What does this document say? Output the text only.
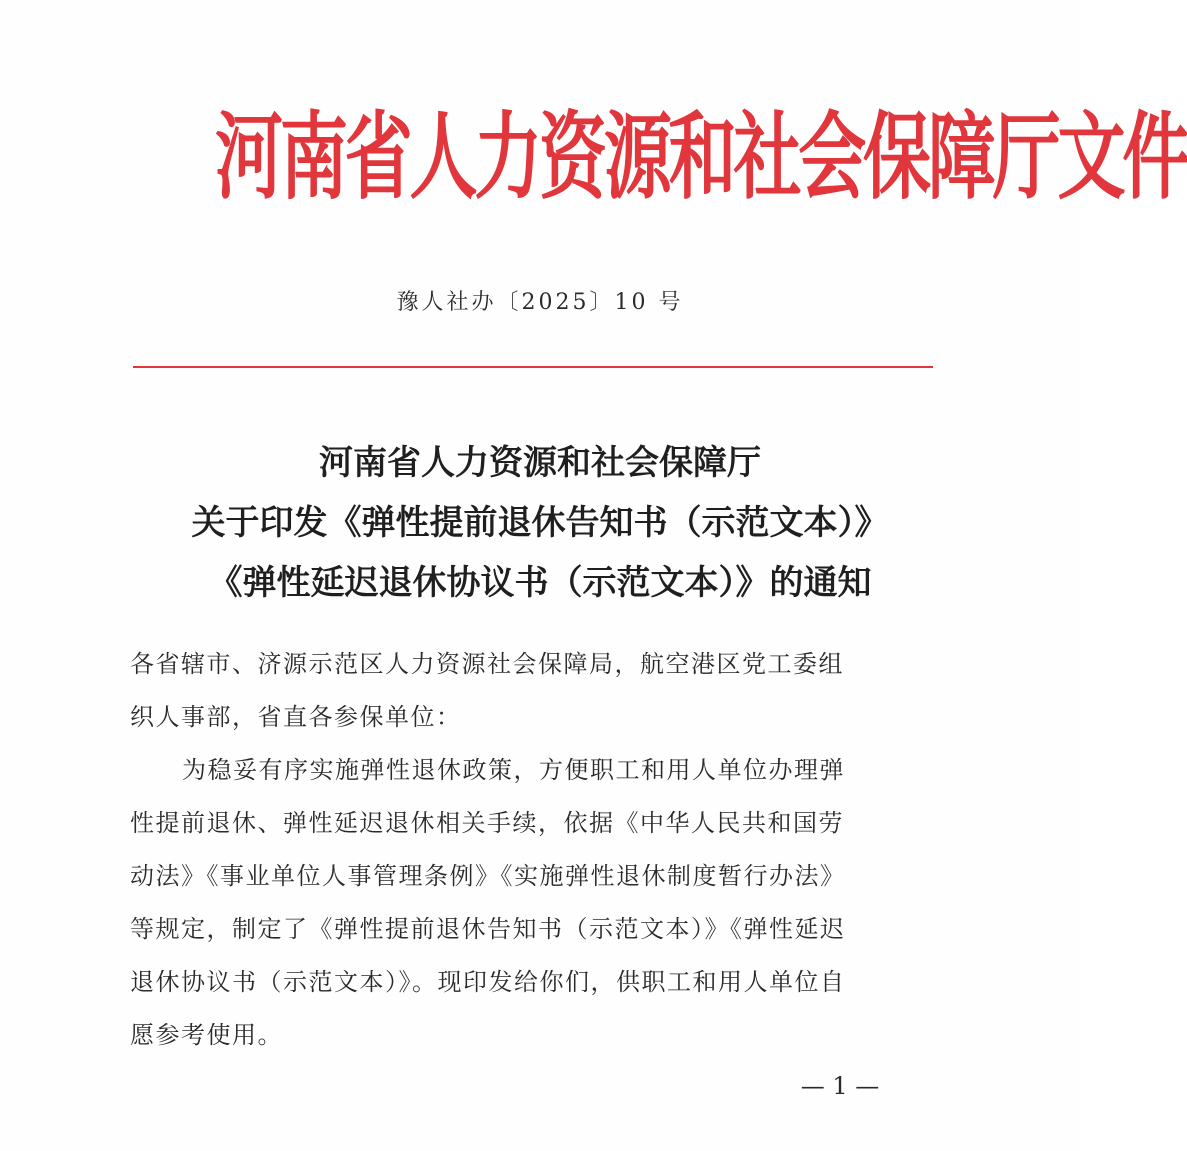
河南省人力资源和社会保障厅文件
豫人社办〔2025〕10 号
河南省人力资源和社会保障厅
关于印发《弹性提前退休告知书（示范文本）》
《弹性延迟退休协议书（示范文本）》的通知
各省辖市、济源示范区人力资源社会保障局，航空港区党工委组
织人事部，省直各参保单位：
为稳妥有序实施弹性退休政策，方便职工和用人单位办理弹
性提前退休、弹性延迟退休相关手续，依据《中华人民共和国劳
动法》《事业单位人事管理条例》《实施弹性退休制度暂行办法》
等规定，制定了《弹性提前退休告知书（示范文本）》《弹性延迟
退休协议书（示范文本）》。现印发给你们，供职工和用人单位自
愿参考使用。
— 1 —
